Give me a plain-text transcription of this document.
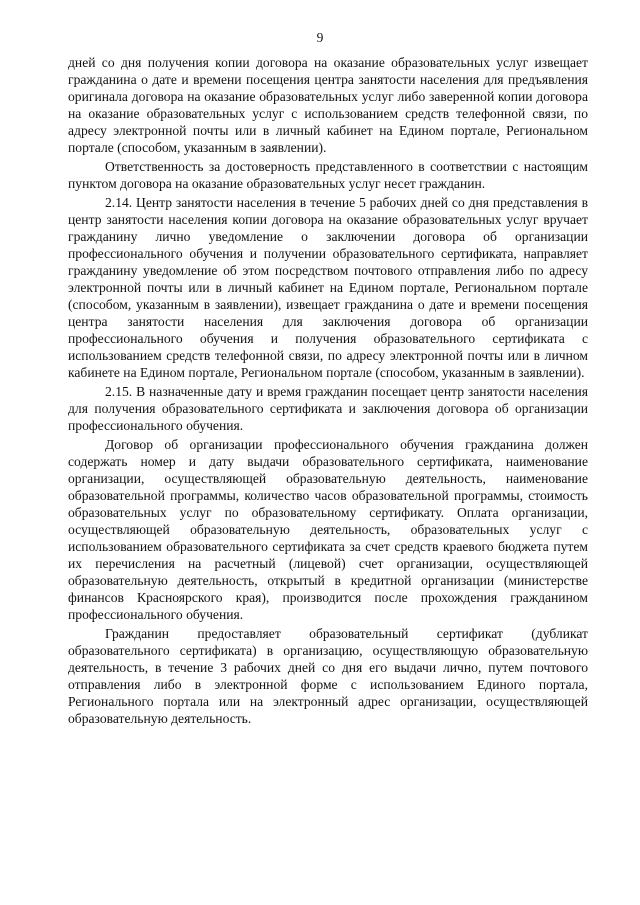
9

дней со дня получения копии договора на оказание образовательных услуг извещает гражданина о дате и времени посещения центра занятости населения для предъявления оригинала договора на оказание образовательных услуг либо заверенной копии договора на оказание образовательных услуг с использованием средств телефонной связи, по адресу электронной почты или в личный кабинет на Едином портале, Региональном портале (способом, указанным в заявлении).

Ответственность за достоверность представленного в соответствии с настоящим пунктом договора на оказание образовательных услуг несет гражданин.

2.14. Центр занятости населения в течение 5 рабочих дней со дня представления в центр занятости населения копии договора на оказание образовательных услуг вручает гражданину лично уведомление о заключении договора об организации профессионального обучения и получении образовательного сертификата, направляет гражданину уведомление об этом посредством почтового отправления либо по адресу электронной почты или в личный кабинет на Едином портале, Региональном портале (способом, указанным в заявлении), извещает гражданина о дате и времени посещения центра занятости населения для заключения договора об организации профессионального обучения и получения образовательного сертификата с использованием средств телефонной связи, по адресу электронной почты или в личном кабинете на Едином портале, Региональном портале (способом, указанным в заявлении).

2.15. В назначенные дату и время гражданин посещает центр занятости населения для получения образовательного сертификата и заключения договора об организации профессионального обучения.

Договор об организации профессионального обучения гражданина должен содержать номер и дату выдачи образовательного сертификата, наименование организации, осуществляющей образовательную деятельность, наименование образовательной программы, количество часов образовательной программы, стоимость образовательных услуг по образовательному сертификату. Оплата организации, осуществляющей образовательную деятельность, образовательных услуг с использованием образовательного сертификата за счет средств краевого бюджета путем их перечисления на расчетный (лицевой) счет организации, осуществляющей образовательную деятельность, открытый в кредитной организации (министерстве финансов Красноярского края), производится после прохождения гражданином профессионального обучения.

Гражданин предоставляет образовательный сертификат (дубликат образовательного сертификата) в организацию, осуществляющую образовательную деятельность, в течение 3 рабочих дней со дня его выдачи лично, путем почтового отправления либо в электронной форме с использованием Единого портала, Регионального портала или на электронный адрес организации, осуществляющей образовательную деятельность.
